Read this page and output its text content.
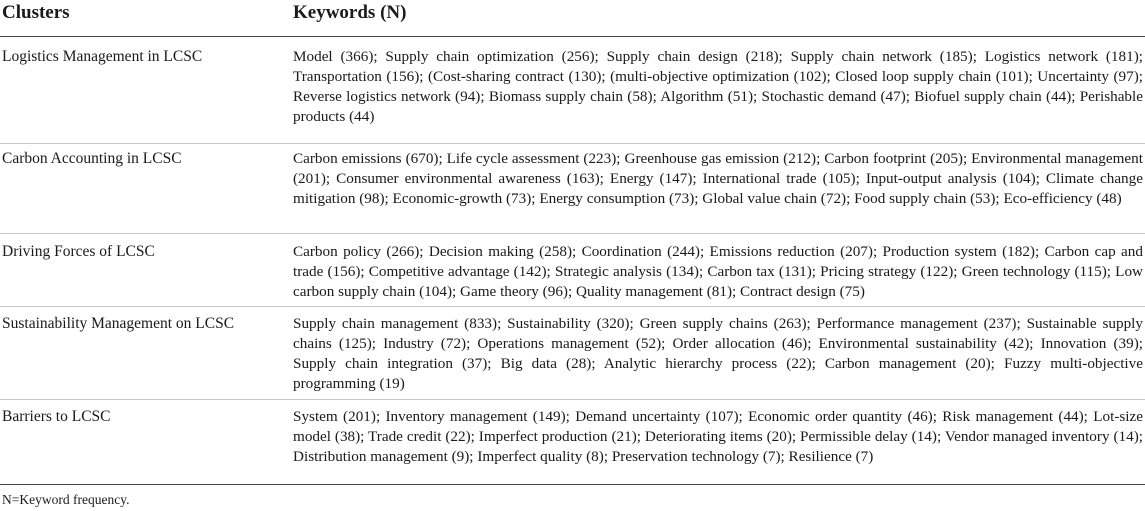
Clusters	Keywords (N)
Logistics Management in LCSC	Model (366); Supply chain optimization (256); Supply chain design (218); Supply chain network (185); Logistics network (181); Transportation (156); (Cost-sharing contract (130); (multi-objective optimization (102); Closed loop supply chain (101); Uncertainty (97); Reverse logistics network (94); Biomass supply chain (58); Algorithm (51); Stochastic demand (47); Biofuel supply chain (44); Perishable products (44)
Carbon Accounting in LCSC	Carbon emissions (670); Life cycle assessment (223); Greenhouse gas emission (212); Carbon footprint (205); Environmental management (201); Consumer environmental awareness (163); Energy (147); International trade (105); Input-output analysis (104); Climate change mitigation (98); Economic-growth (73); Energy consumption (73); Global value chain (72); Food supply chain (53); Eco-efficiency (48)
Driving Forces of LCSC	Carbon policy (266); Decision making (258); Coordination (244); Emissions reduction (207); Production system (182); Carbon cap and trade (156); Competitive advantage (142); Strategic analysis (134); Carbon tax (131); Pricing strategy (122); Green technology (115); Low carbon supply chain (104); Game theory (96); Quality management (81); Contract design (75)
Sustainability Management on LCSC	Supply chain management (833); Sustainability (320); Green supply chains (263); Performance management (237); Sustainable supply chains (125); Industry (72); Operations management (52); Order allocation (46); Environmental sustainability (42); Innovation (39); Supply chain integration (37); Big data (28); Analytic hierarchy process (22); Carbon management (20); Fuzzy multi-objective programming (19)
Barriers to LCSC	System (201); Inventory management (149); Demand uncertainty (107); Economic order quantity (46); Risk management (44); Lot-size model (38); Trade credit (22); Imperfect production (21); Deteriorating items (20); Permissible delay (14); Vendor managed inventory (14); Distribution management (9); Imperfect quality (8); Preservation technology (7); Resilience (7)
N=Keyword frequency.
